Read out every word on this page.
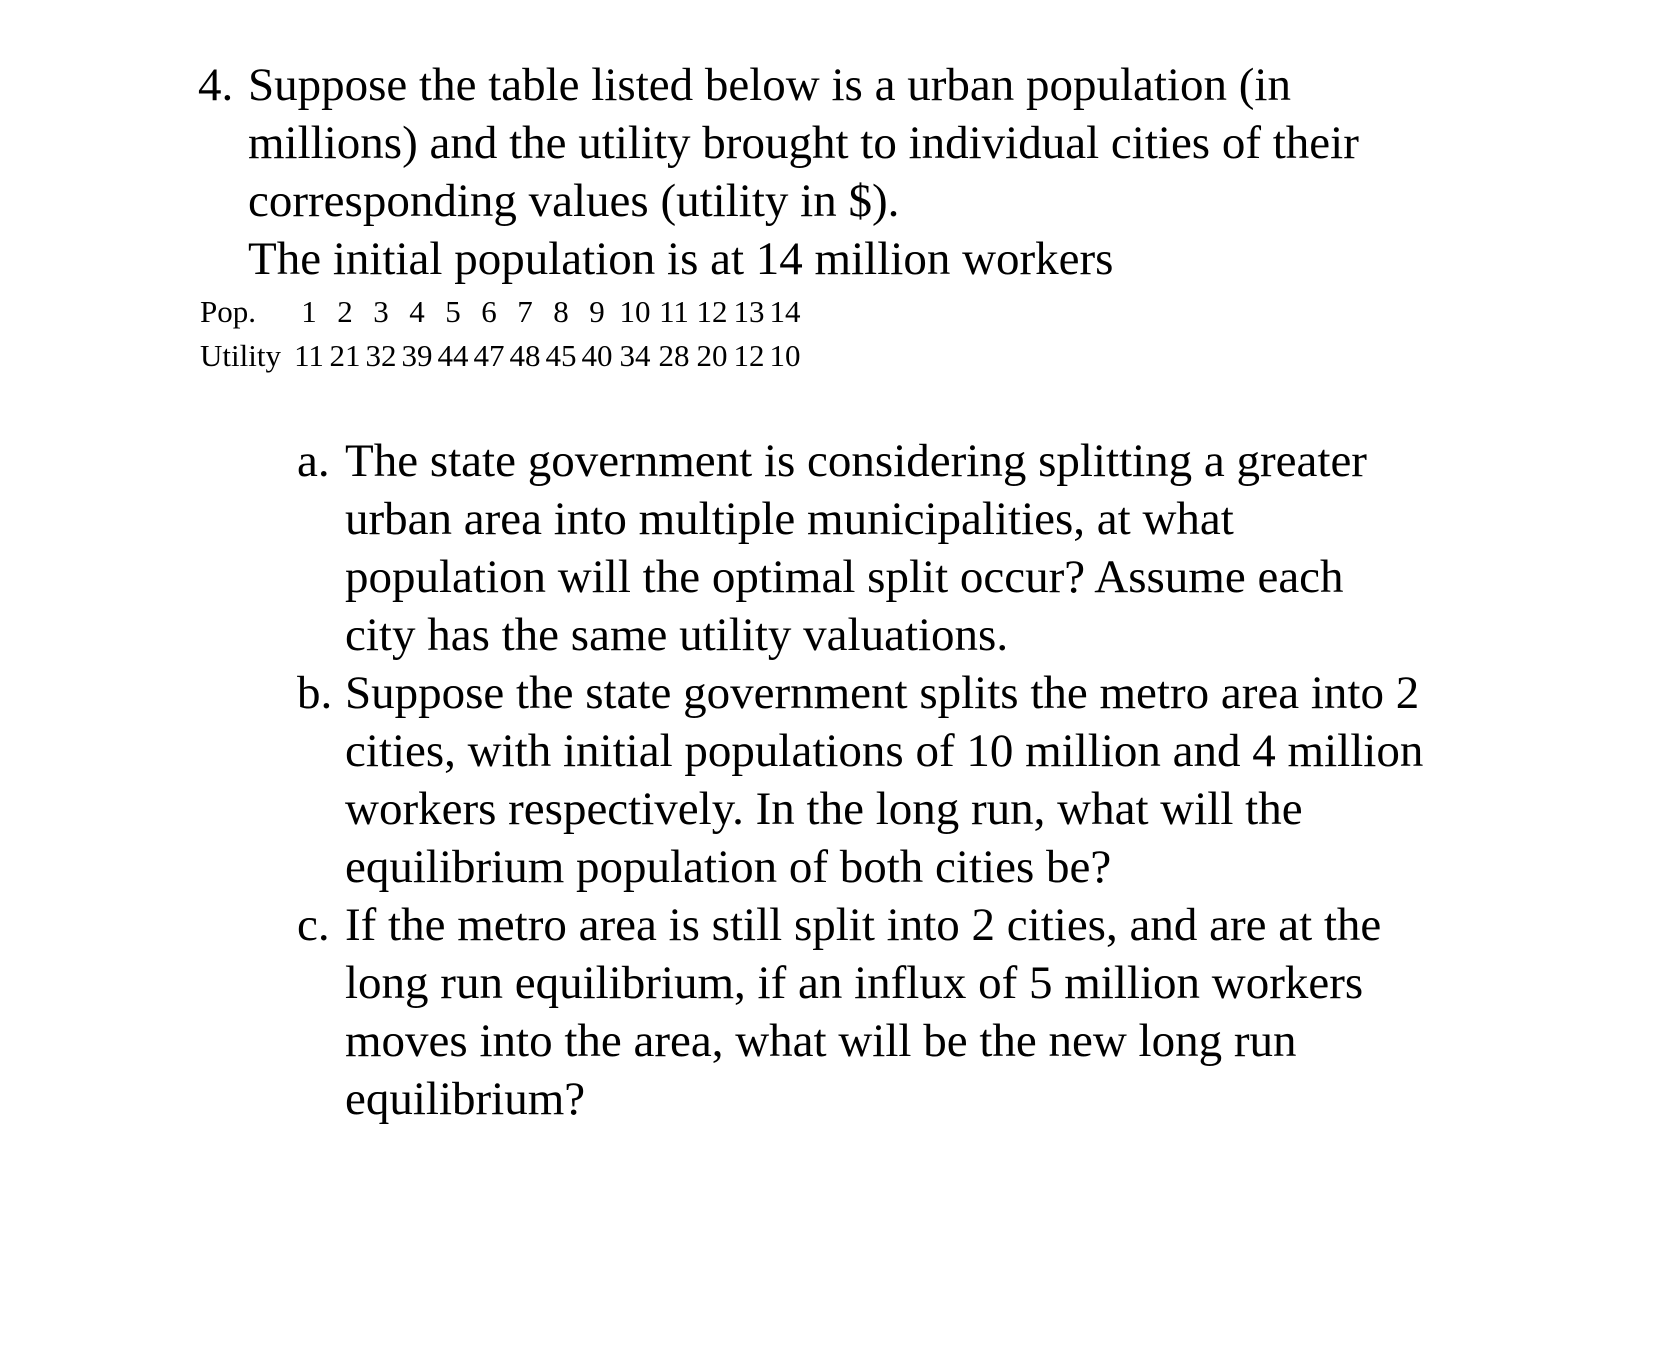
4. Suppose the table listed below is a urban population (in
millions) and the utility brought to individual cities of their
corresponding values (utility in $).
The initial population is at 14 million workers
Pop.	1 2 3 4 5 6 7 8 9 10 11 12 13 14
Utility 11 21 32 39 44 47 48 45 40 34 28 20 12 10
a. The state government is considering splitting a greater
urban area into multiple municipalities, at what
population will the optimal split occur? Assume each
city has the same utility valuations.
b. Suppose the state government splits the metro area into 2
cities, with initial populations of 10 million and 4 million
workers respectively. In the long run, what will the
equilibrium population of both cities be?
c. If the metro area is still split into 2 cities, and are at the
long run equilibrium, if an influx of 5 million workers
moves into the area, what will be the new long run
equilibrium?
